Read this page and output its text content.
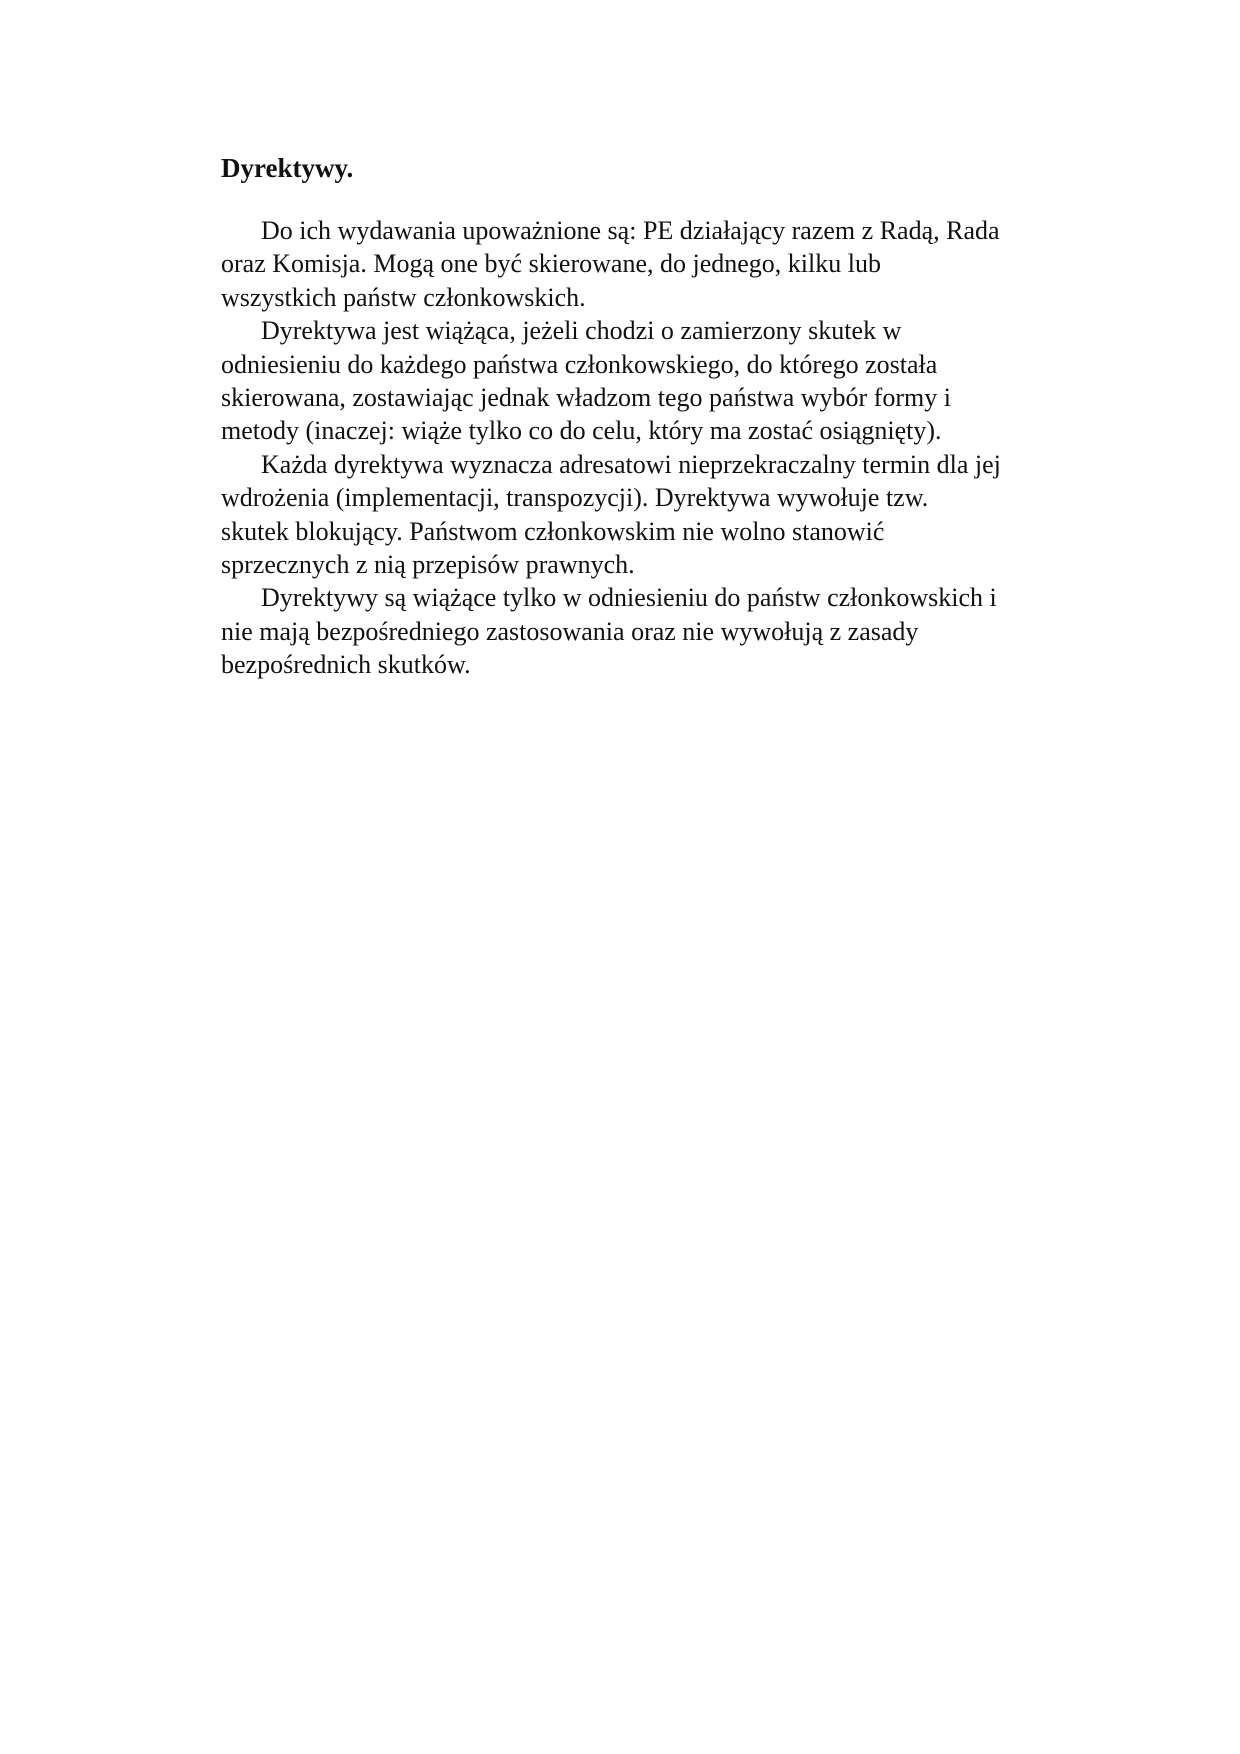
Dyrektywy.

Do ich wydawania upoważnione są: PE działający razem z Radą, Rada
oraz Komisja. Mogą one być skierowane, do jednego, kilku lub
wszystkich państw członkowskich.

Dyrektywa jest wiążąca, jeżeli chodzi o zamierzony skutek w
odniesieniu do każdego państwa członkowskiego, do którego została
skierowana, zostawiając jednak władzom tego państwa wybór formy i
metody (inaczej: wiąże tylko co do celu, który ma zostać osiągnięty).

Każda dyrektywa wyznacza adresatowi nieprzekraczalny termin dla jej
wdrożenia (implementacji, transpozycji). Dyrektywa wywołuje tzw.
skutek blokujący. Państwom członkowskim nie wolno stanowić
sprzecznych z nią przepisów prawnych.

Dyrektywy są wiążące tylko w odniesieniu do państw członkowskich i
nie mają bezpośredniego zastosowania oraz nie wywołują z zasady
bezpośrednich skutków.
